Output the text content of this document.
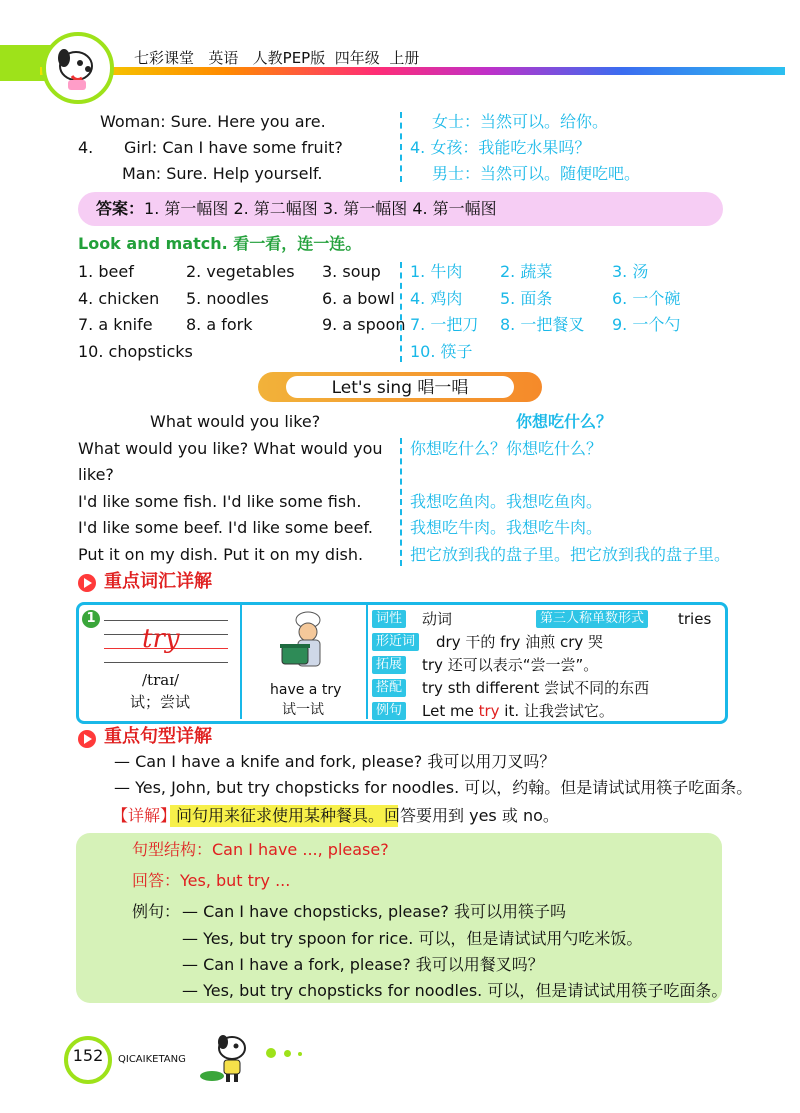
七彩课堂 英语 人教PEP版 四年级 上册
Woman: Sure. Here you are.
4. Girl: Can I have some fruit?
Man: Sure. Help yourself.
女士：当然可以。给你。
4. 女孩：我能吃水果吗？
男士：当然可以。随便吃吧。
答案：1. 第一幅图 2. 第二幅图 3. 第一幅图 4. 第一幅图
Look and match. 看一看，连一连。
1. beef	2. vegetables 3. soup
4. chicken 5. noodles	6. a bowl
7. a knife 8. a fork	9. a spoon
10. chopsticks
1. 牛肉 2. 蔬菜	3. 汤
4. 鸡肉 5. 面条	6. 一个碗
7. 一把刀 8. 一把餐叉 9. 一个勺
10. 筷子
Let's sing 唱一唱
What would you like?	你想吃什么？
What would you like? What would you
like?
I'd like some fish. I'd like some fish.
I'd like some beef. I'd like some beef.
Put it on my dish. Put it on my dish.
你想吃什么？你想吃什么？
我想吃鱼肉。我想吃鱼肉。
我想吃牛肉。我想吃牛肉。
把它放到我的盘子里。把它放到我的盘子里。
重点词汇详解
1
try
/traɪ/
试；尝试
have a try
试一试
词性 动词	第三人称单数形式 tries
形近词 dry 干的 fry 油煎 cry 哭
拓展 try 还可以表示“尝一尝”。
搭配 try sth different 尝试不同的东西
例句 Let me try it. 让我尝试它。
重点句型详解
— Can I have a knife and fork, please? 我可以用刀叉吗？
— Yes, John, but try chopsticks for noodles. 可以，约翰。但是请试试用筷子吃面条。
【详解】问句用来征求使用某种餐具。回答要用到 yes 或 no。
句型结构：Can I have ..., please?
回答：Yes, but try ...
例句： — Can I have chopsticks, please? 我可以用筷子吗
— Yes, but try spoon for rice. 可以，但是请试试用勺吃米饭。
— Can I have a fork, please? 我可以用餐叉吗？
— Yes, but try chopsticks for noodles. 可以，但是请试试用筷子吃面条。
152	QICAIKETANG
